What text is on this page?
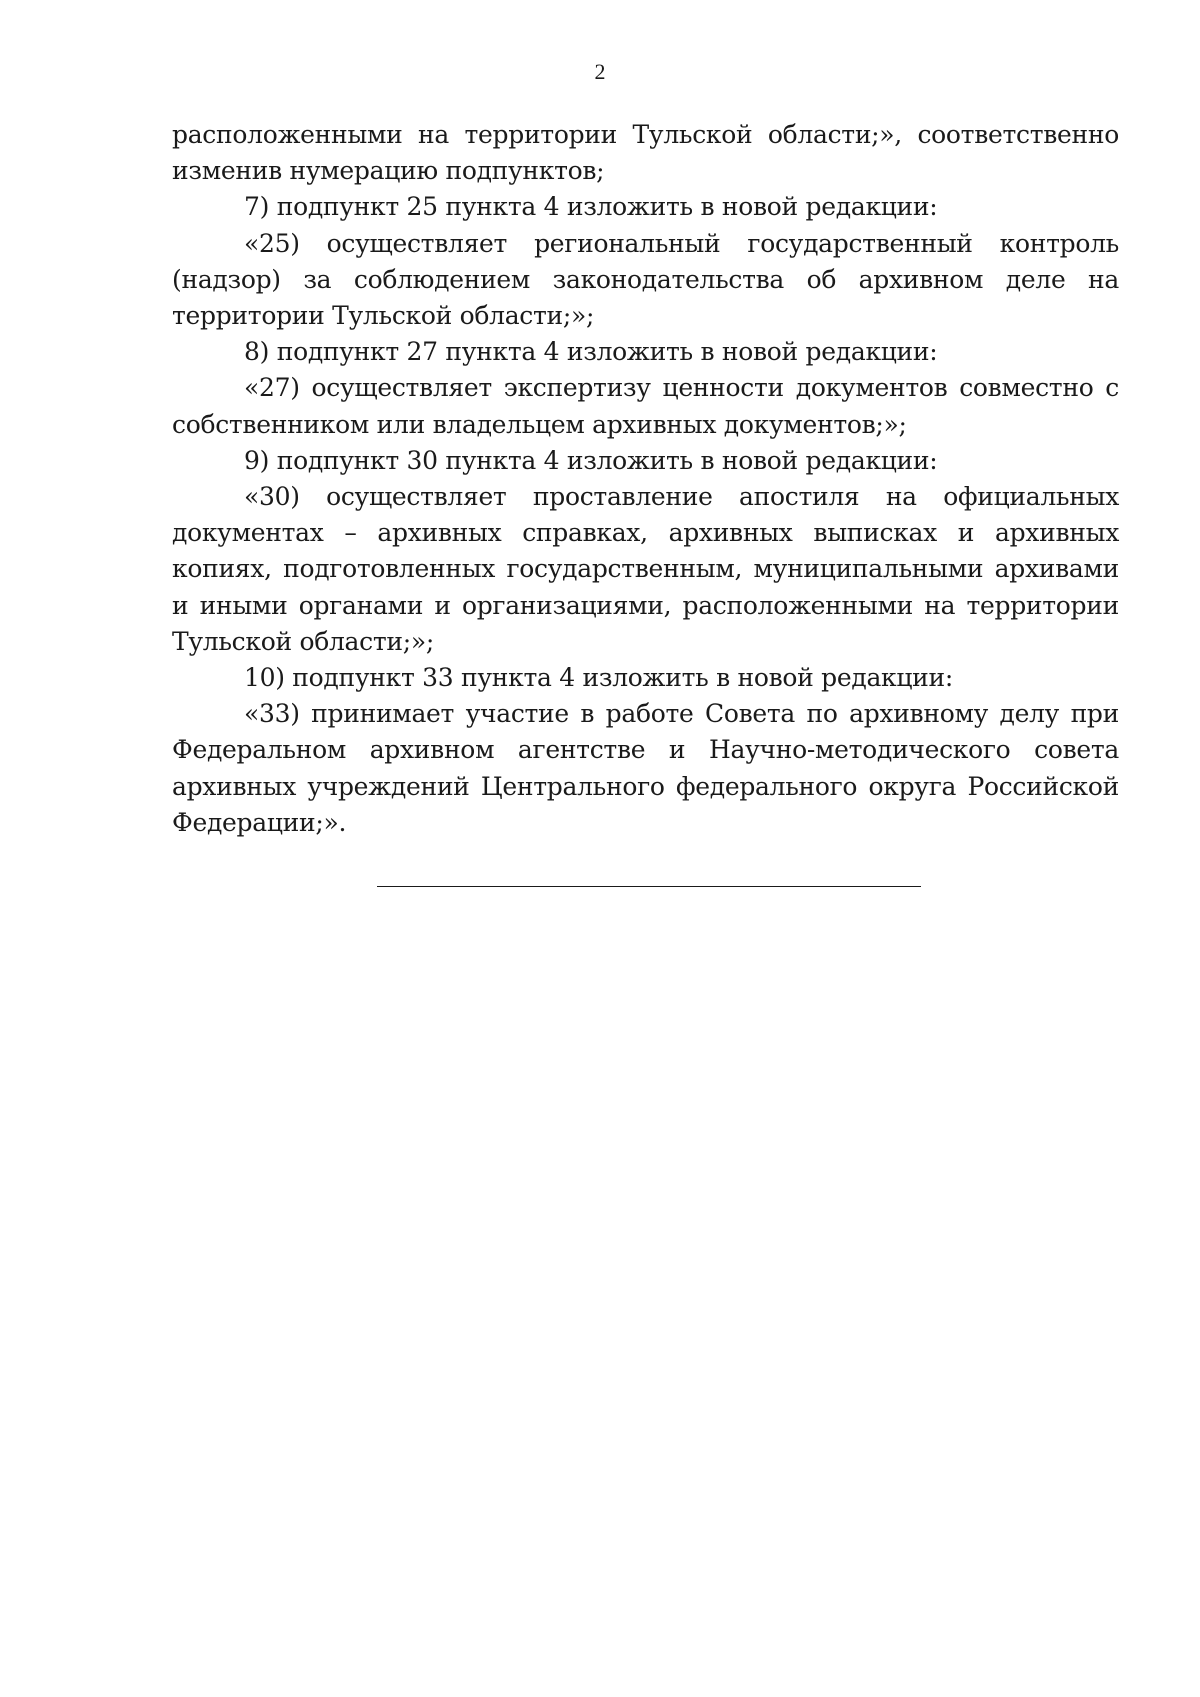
2

расположенными на территории Тульской области;», соответственно изменив нумерацию подпунктов;

7) подпункт 25 пункта 4 изложить в новой редакции:

«25) осуществляет региональный государственный контроль (надзор) за соблюдением законодательства об архивном деле на территории Тульской области;»;

8) подпункт 27 пункта 4 изложить в новой редакции:

«27) осуществляет экспертизу ценности документов совместно с собственником или владельцем архивных документов;»;

9) подпункт 30 пункта 4 изложить в новой редакции:

«30) осуществляет проставление апостиля на официальных документах – архивных справках, архивных выписках и архивных копиях, подготовленных государственным, муниципальными архивами и иными органами и организациями, расположенными на территории Тульской области;»;

10) подпункт 33 пункта 4 изложить в новой редакции:

«33) принимает участие в работе Совета по архивному делу при Федеральном архивном агентстве и Научно-методического совета архивных учреждений Центрального федерального округа Российской Федерации;».
